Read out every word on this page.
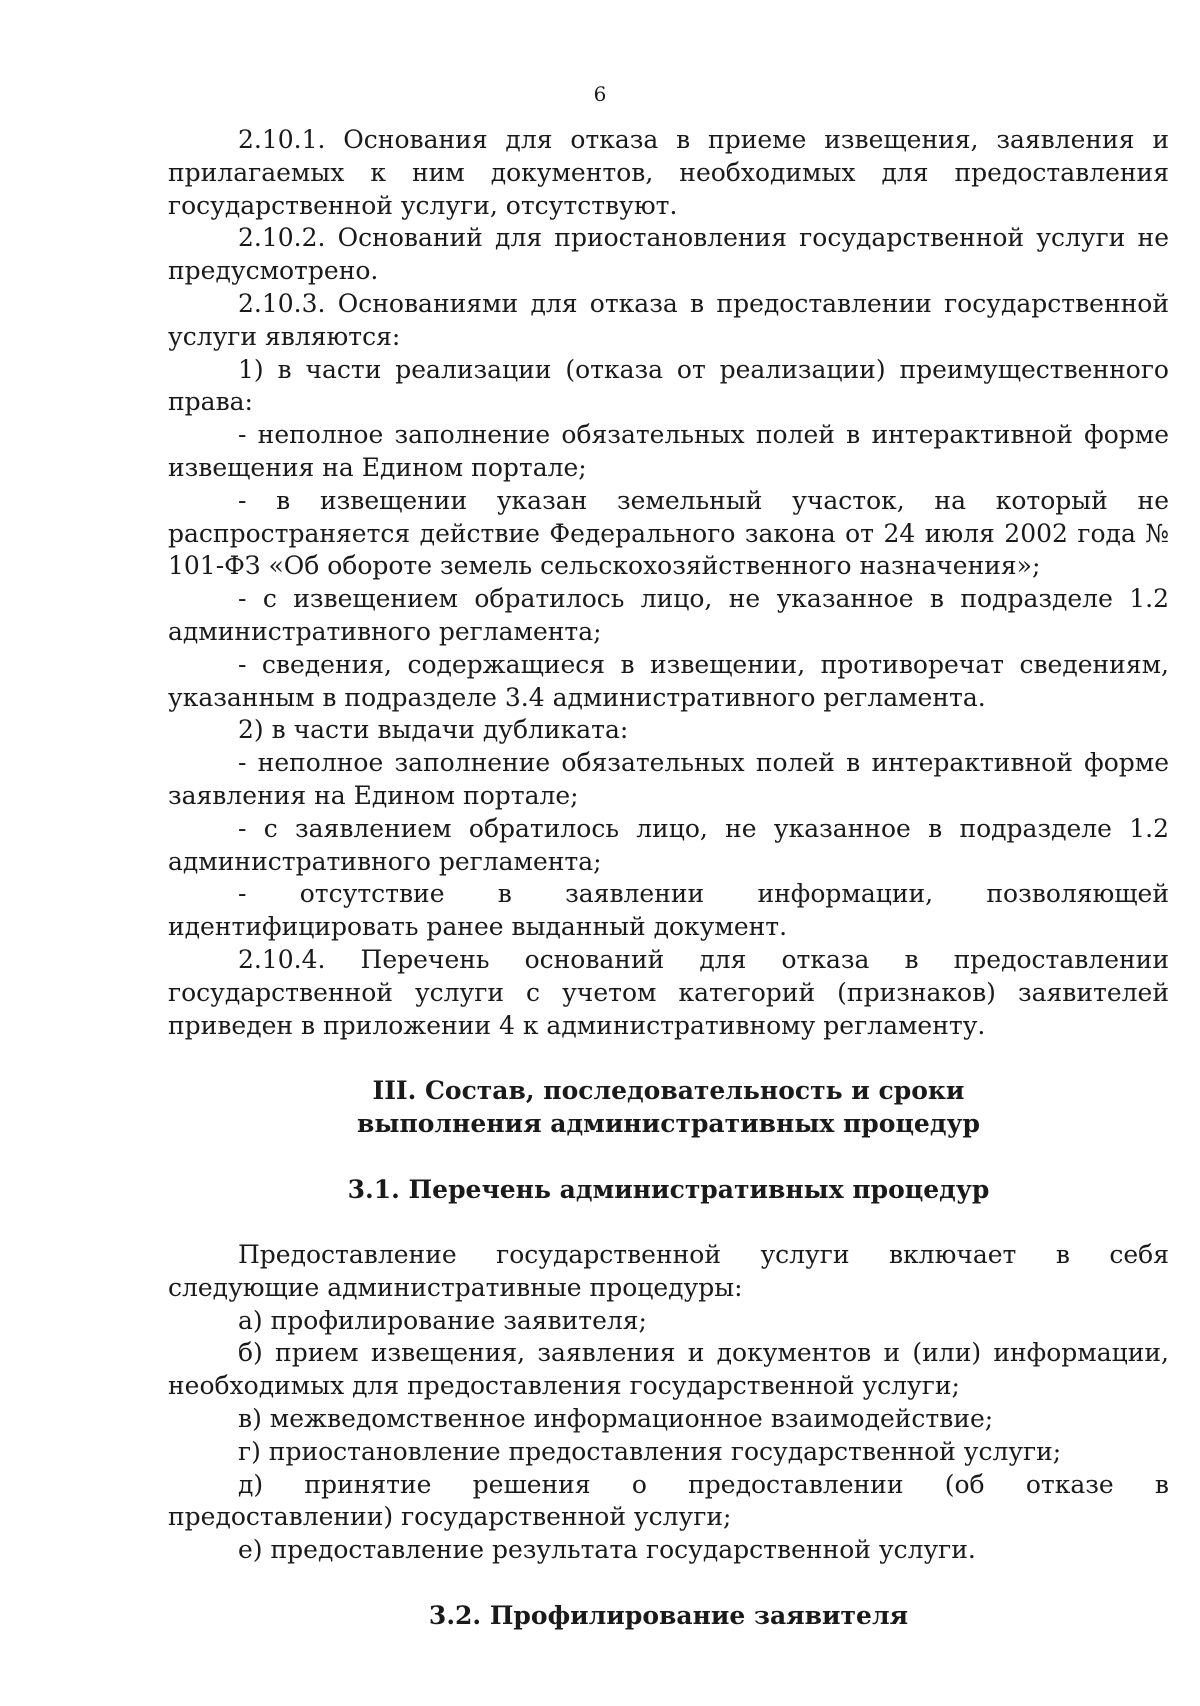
6

2.10.1. Основания для отказа в приеме извещения, заявления и прилагаемых к ним документов, необходимых для предоставления государственной услуги, отсутствуют.

2.10.2. Оснований для приостановления государственной услуги не предусмотрено.

2.10.3. Основаниями для отказа в предоставлении государственной услуги являются:

1) в части реализации (отказа от реализации) преимущественного права:

- неполное заполнение обязательных полей в интерактивной форме извещения на Едином портале;

- в извещении указан земельный участок, на который не распространяется действие Федерального закона от 24 июля 2002 года № 101-ФЗ «Об обороте земель сельскохозяйственного назначения»;

- с извещением обратилось лицо, не указанное в подразделе 1.2 административного регламента;

- сведения, содержащиеся в извещении, противоречат сведениям, указанным в подразделе 3.4 административного регламента.

2) в части выдачи дубликата:

- неполное заполнение обязательных полей в интерактивной форме заявления на Едином портале;

- с заявлением обратилось лицо, не указанное в подразделе 1.2 административного регламента;

- отсутствие в заявлении информации, позволяющей идентифицировать ранее выданный документ.

2.10.4. Перечень оснований для отказа в предоставлении государственной услуги с учетом категорий (признаков) заявителей приведен в приложении 4 к административному регламенту.

III. Состав, последовательность и сроки

выполнения административных процедур

3.1. Перечень административных процедур

Предоставление государственной услуги включает в себя следующие административные процедуры:

а) профилирование заявителя;

б) прием извещения, заявления и документов и (или) информации, необходимых для предоставления государственной услуги;

в) межведомственное информационное взаимодействие;

г) приостановление предоставления государственной услуги;

д) принятие решения о предоставлении (об отказе в предоставлении) государственной услуги;

е) предоставление результата государственной услуги.

3.2. Профилирование заявителя
